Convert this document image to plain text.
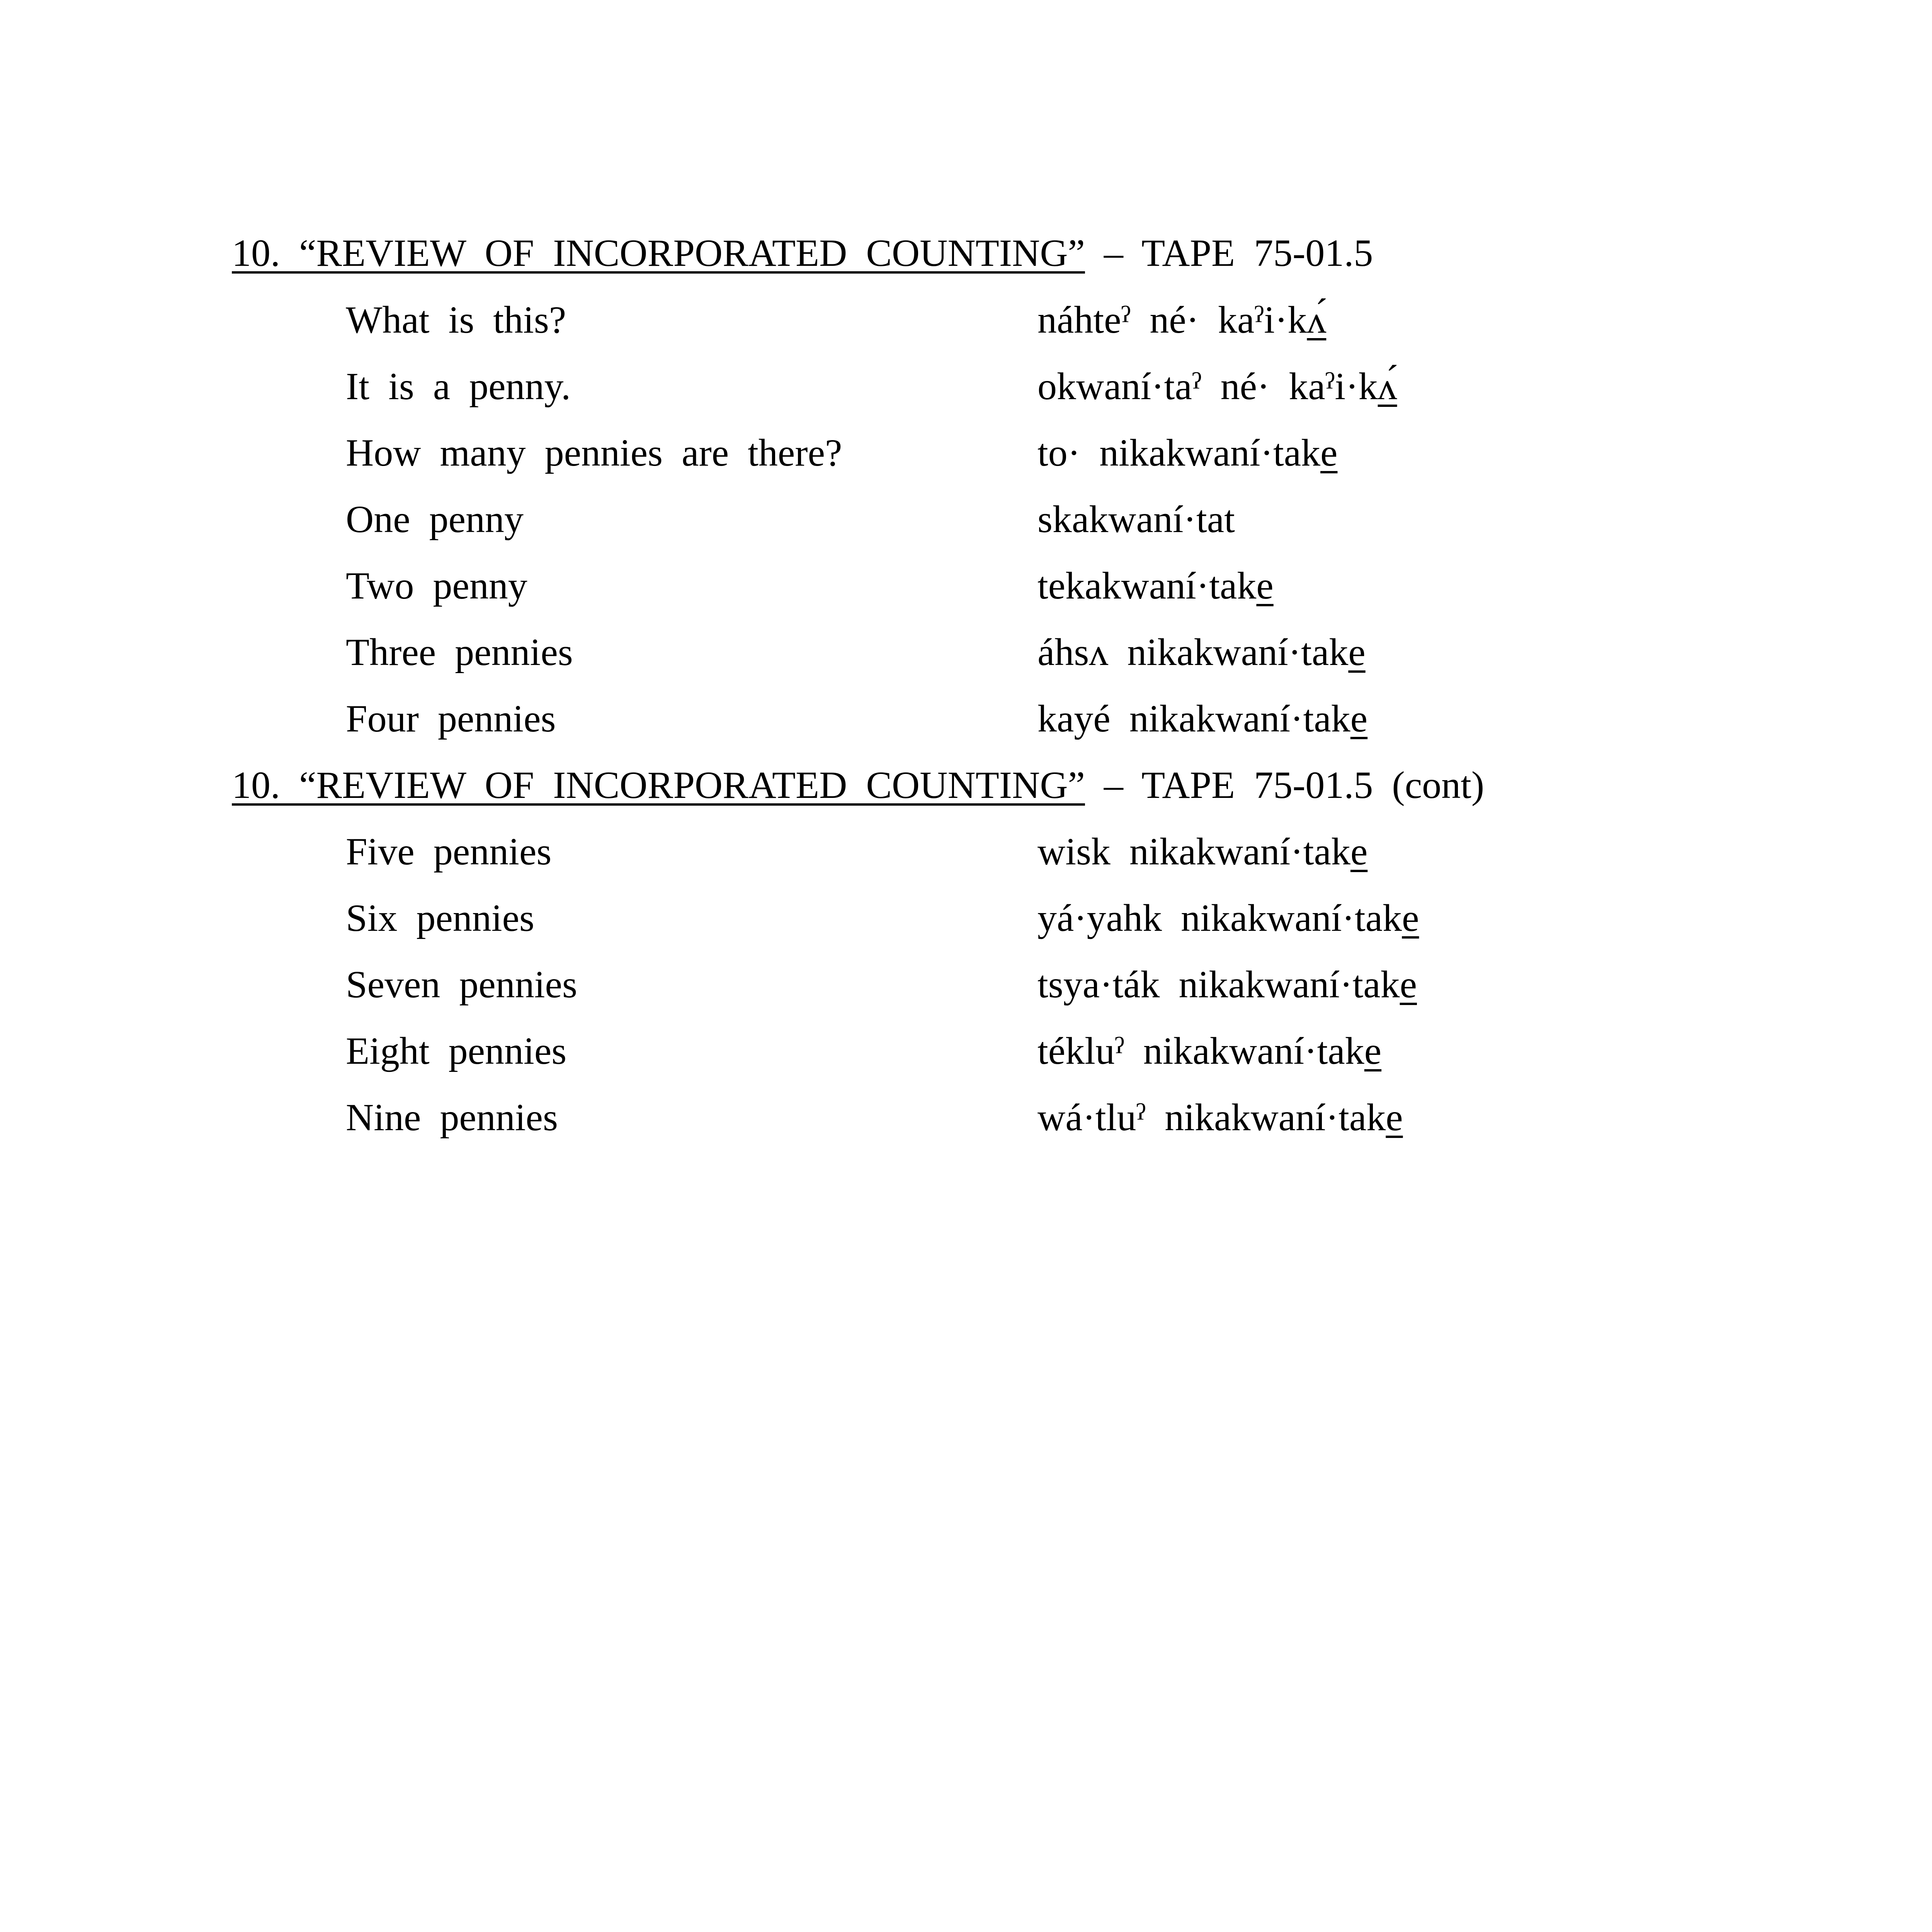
10. “REVIEW OF INCORPORATED COUNTING” – TAPE 75-01.5
What is this?	náhteˀ né· kaˀi·kʌ́
It is a penny.	okwaní·taˀ né· kaˀi·kʌ́
How many pennies are there?	to· nikakwaní·take
One penny	skakwaní·tat
Two penny	tekakwaní·take
Three pennies	áhsʌ nikakwaní·take
Four pennies	kayé nikakwaní·take
10. “REVIEW OF INCORPORATED COUNTING” – TAPE 75-01.5 (cont)
Five pennies	wisk nikakwaní·take
Six pennies	yá·yahk nikakwaní·take
Seven pennies	tsya·ták nikakwaní·take
Eight pennies	tékluˀ nikakwaní·take
Nine pennies	wá·tluˀ nikakwaní·take
